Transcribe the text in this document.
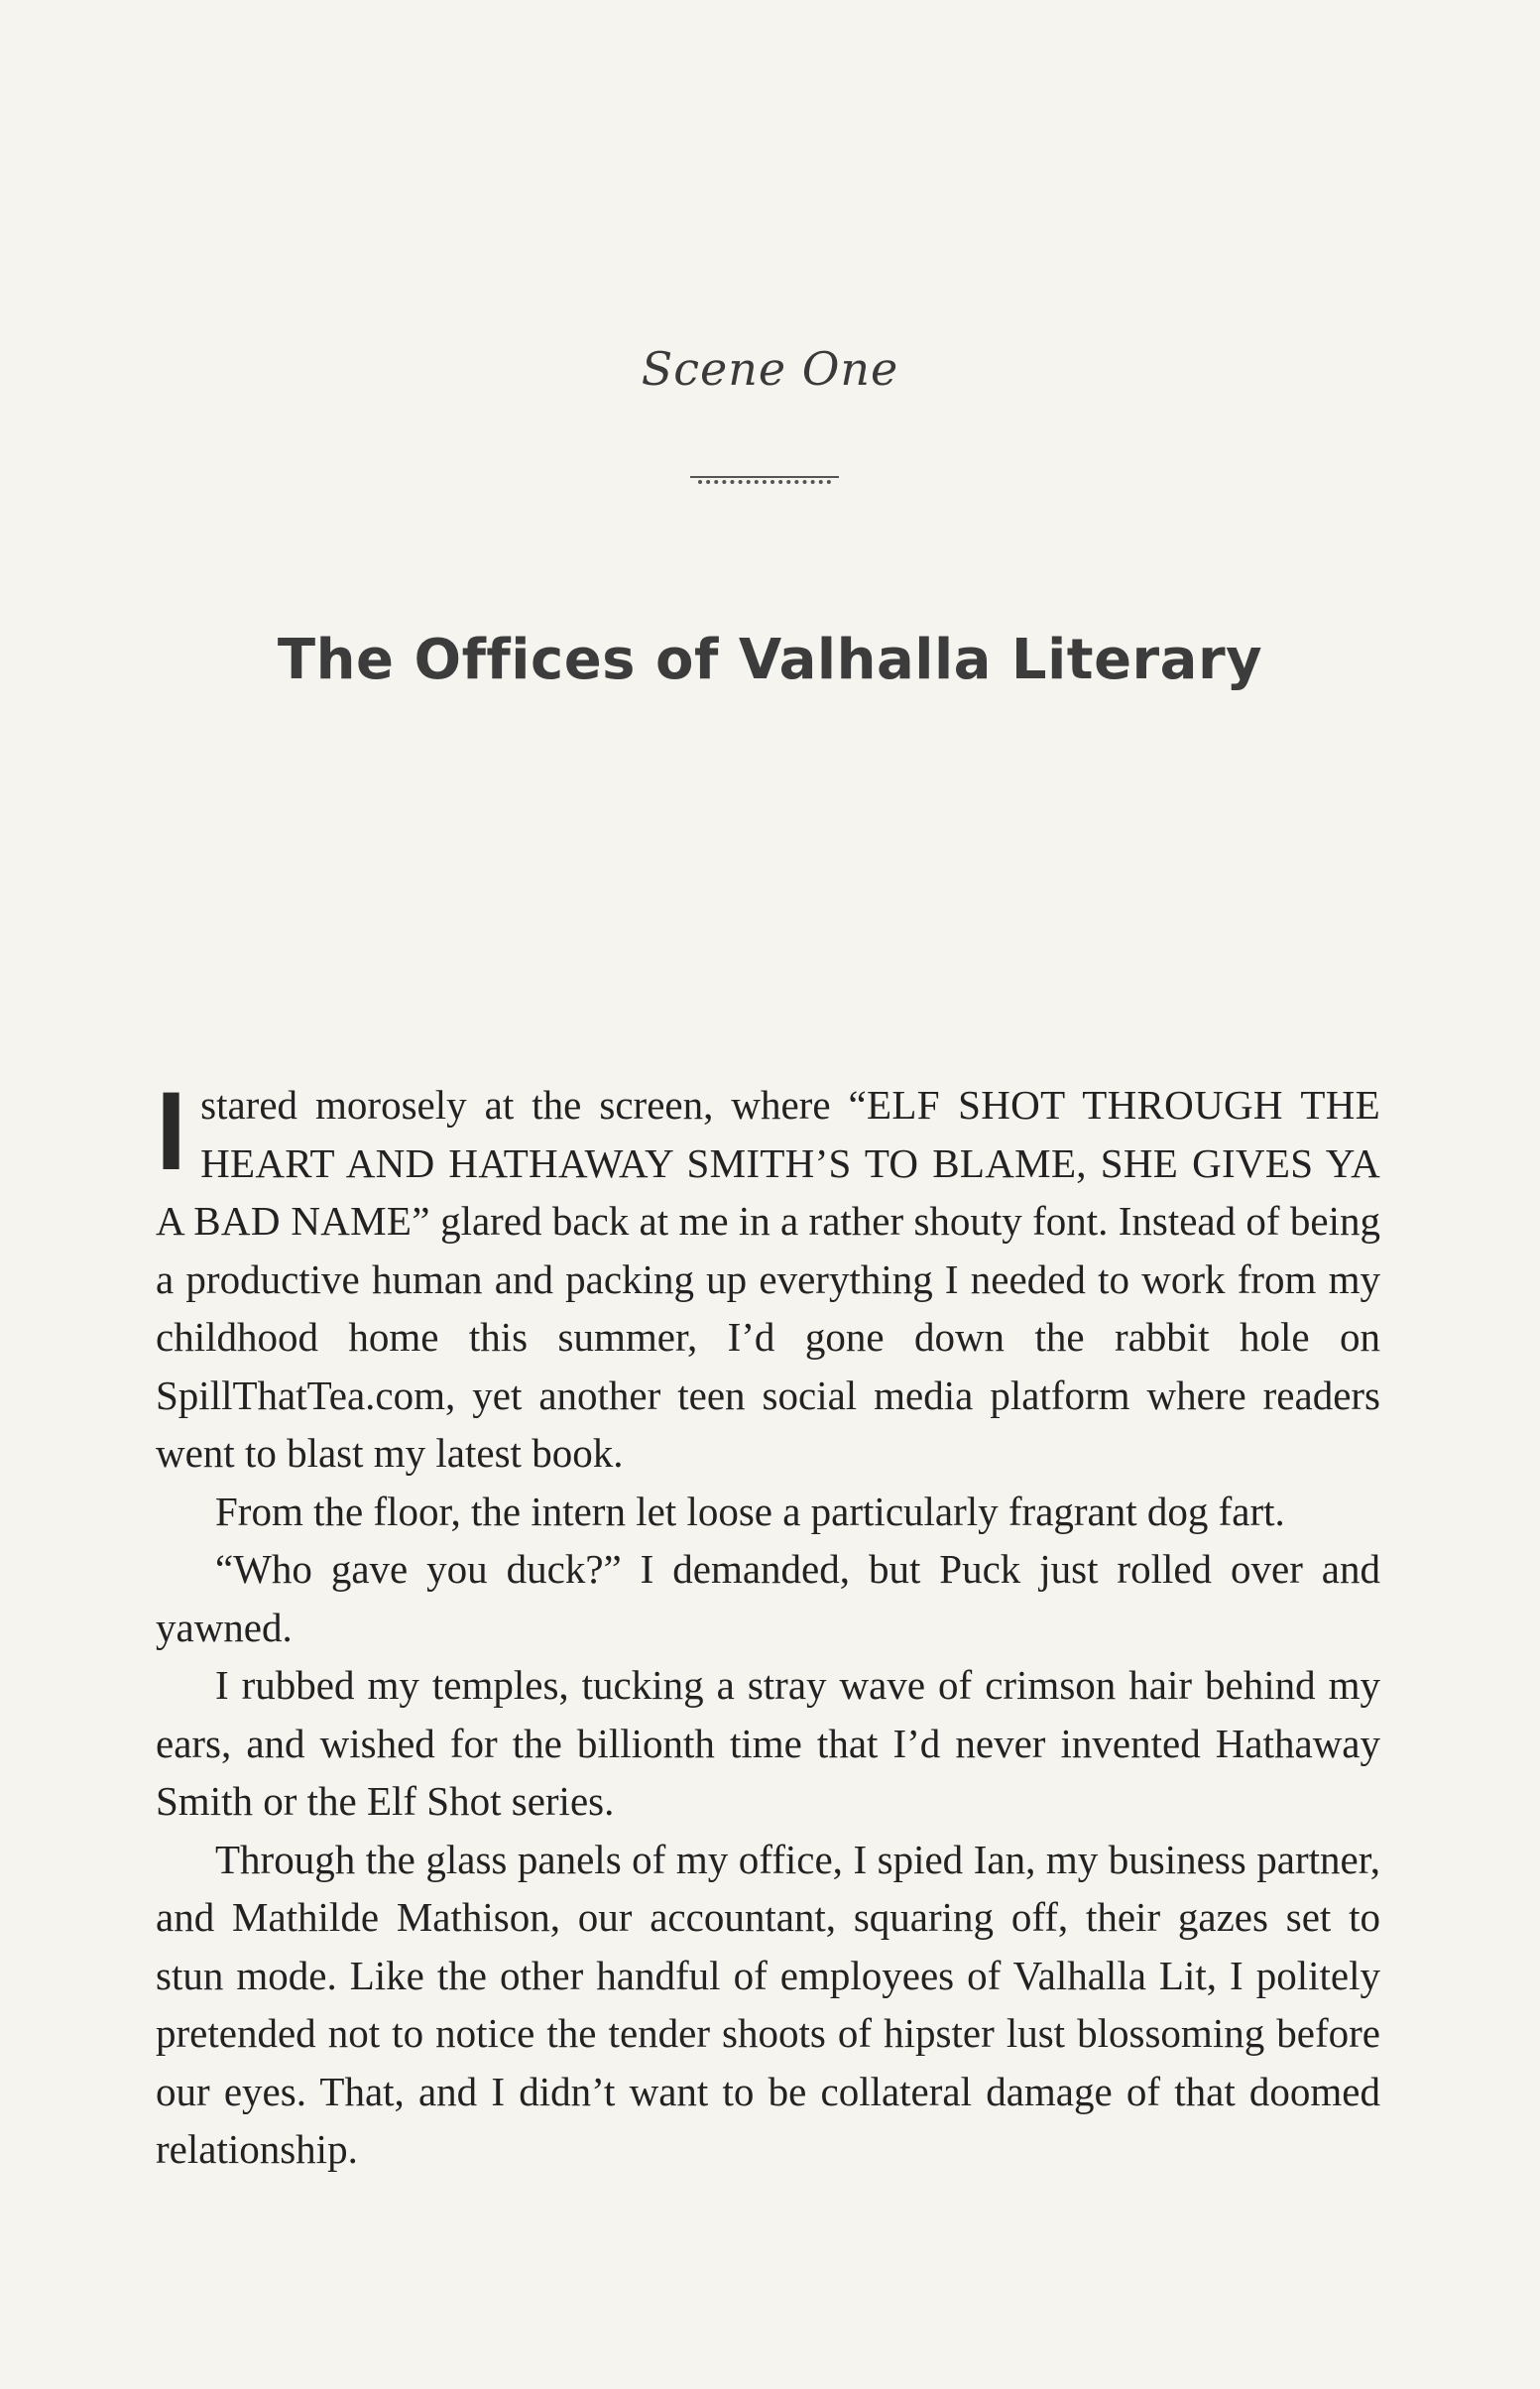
Scene One
The Offices of Valhalla Literary

Istared morosely at the screen, where “ELF SHOT THROUGH THE HEART AND HATHAWAY SMITH’S TO BLAME, SHE GIVES YA A BAD NAME” glared back at me in a rather shouty font. Instead of being a productive human and packing up everything I needed to work from my childhood home this summer, I’d gone down the rabbit hole on SpillThatTea.com, yet another teen social media platform where readers went to blast my latest book.

From the floor, the intern let loose a particularly fragrant dog fart.

“Who gave you duck?” I demanded, but Puck just rolled over and yawned.

I rubbed my temples, tucking a stray wave of crimson hair behind my ears, and wished for the billionth time that I’d never invented Hathaway Smith or the Elf Shot series.

Through the glass panels of my office, I spied Ian, my business partner, and Mathilde Mathison, our accountant, squaring off, their gazes set to stun mode. Like the other handful of employees of Valhalla Lit, I politely pretended not to notice the tender shoots of hipster lust blossoming before our eyes. That, and I didn’t want to be collateral damage of that doomed relationship.
